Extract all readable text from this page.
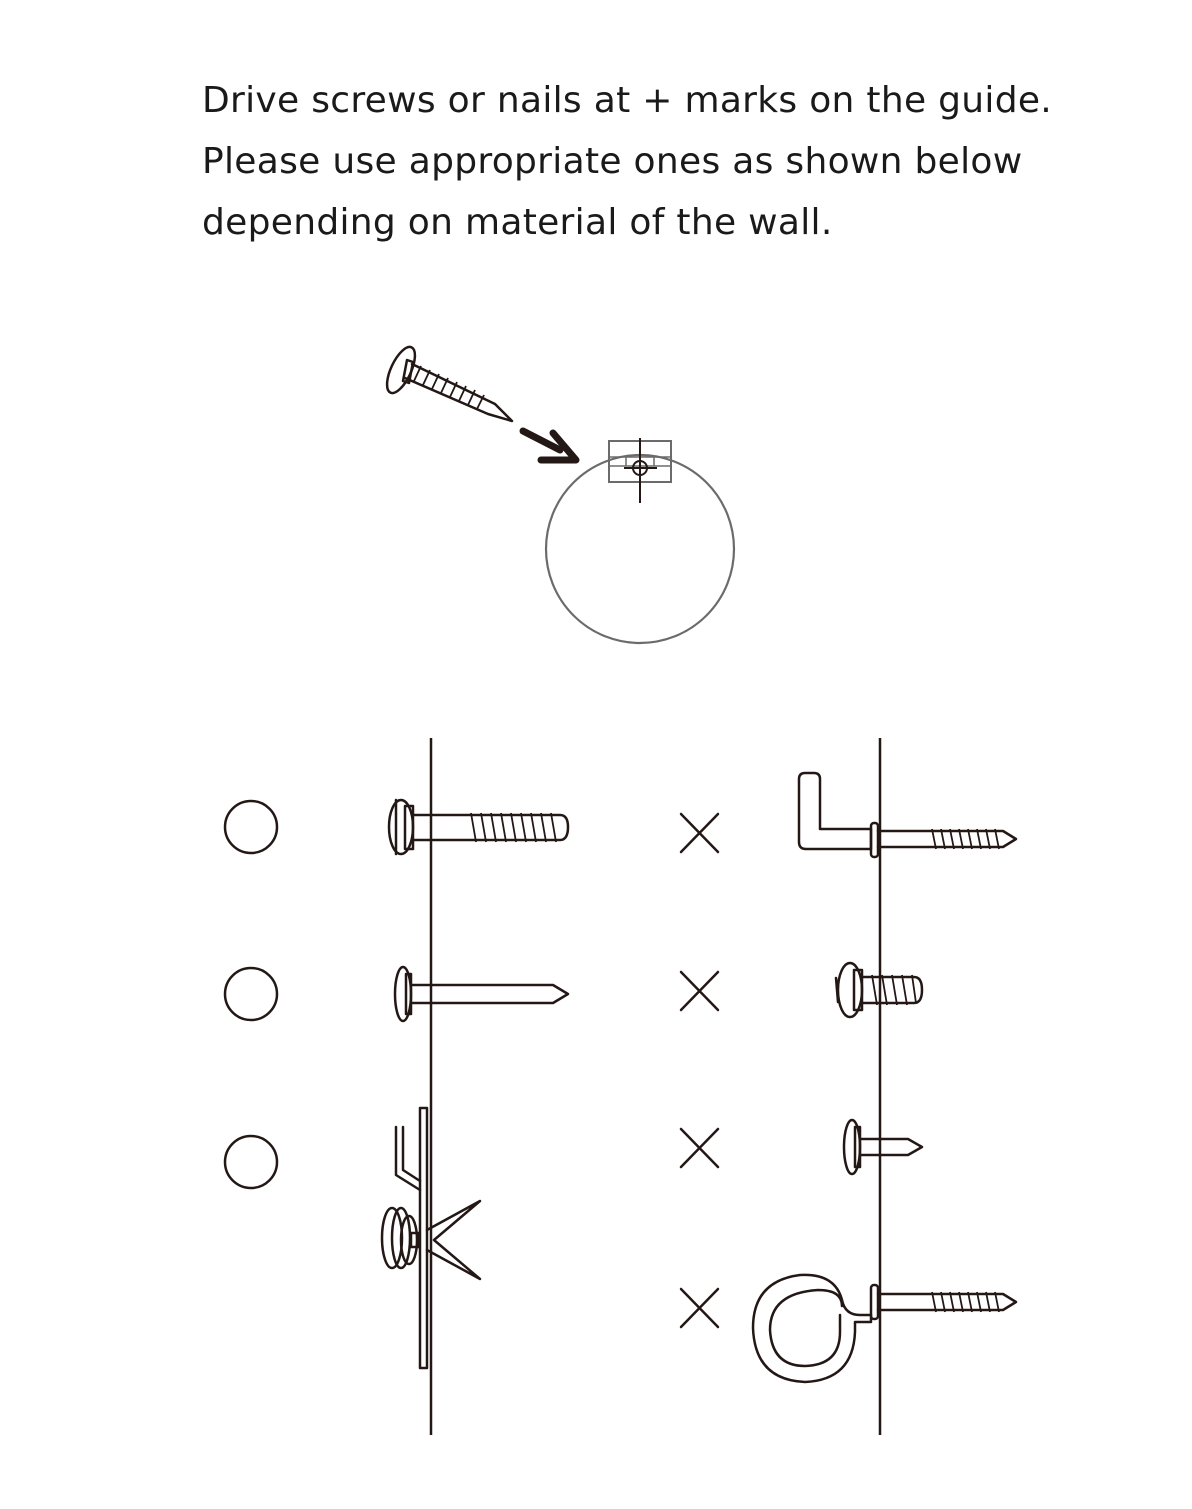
Drive screws or nails at + marks on the guide.

Please use appropriate ones as shown below

depending on material of the wall.
